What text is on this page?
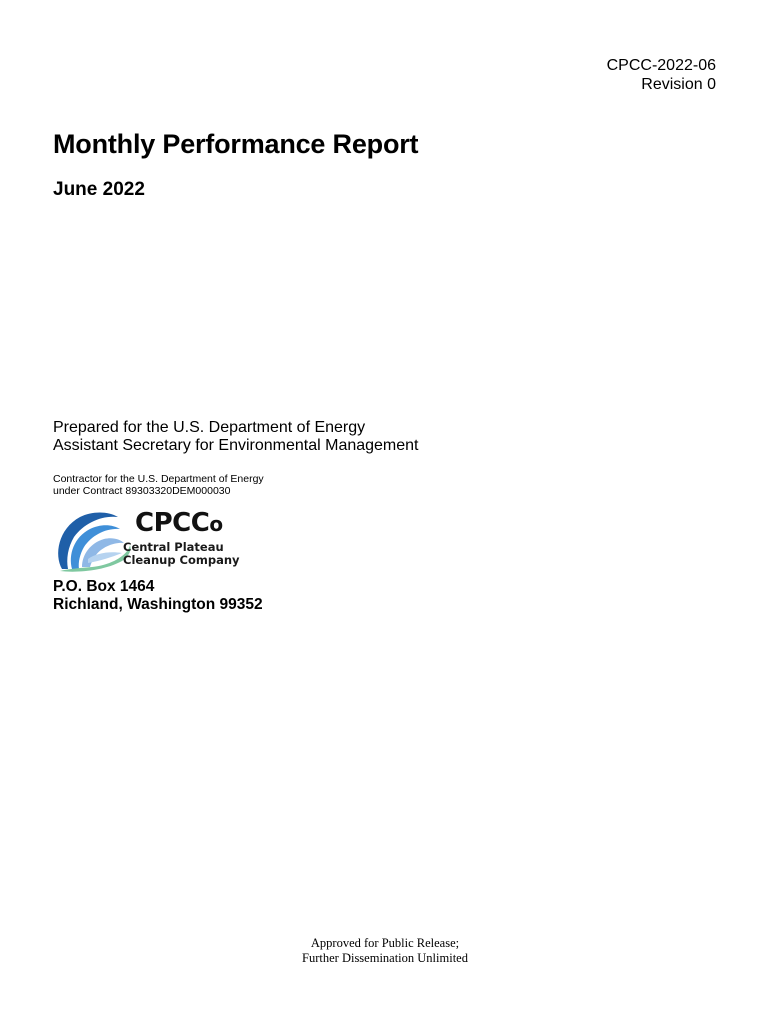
CPCC-2022-06
Revision 0
Monthly Performance Report
June 2022
Prepared for the U.S. Department of Energy
Assistant Secretary for Environmental Management
Contractor for the U.S. Department of Energy
under Contract 89303320DEM000030
CPCCo
Central Plateau
Cleanup Company
P.O. Box 1464
Richland, Washington 99352
Approved for Public Release;
Further Dissemination Unlimited
